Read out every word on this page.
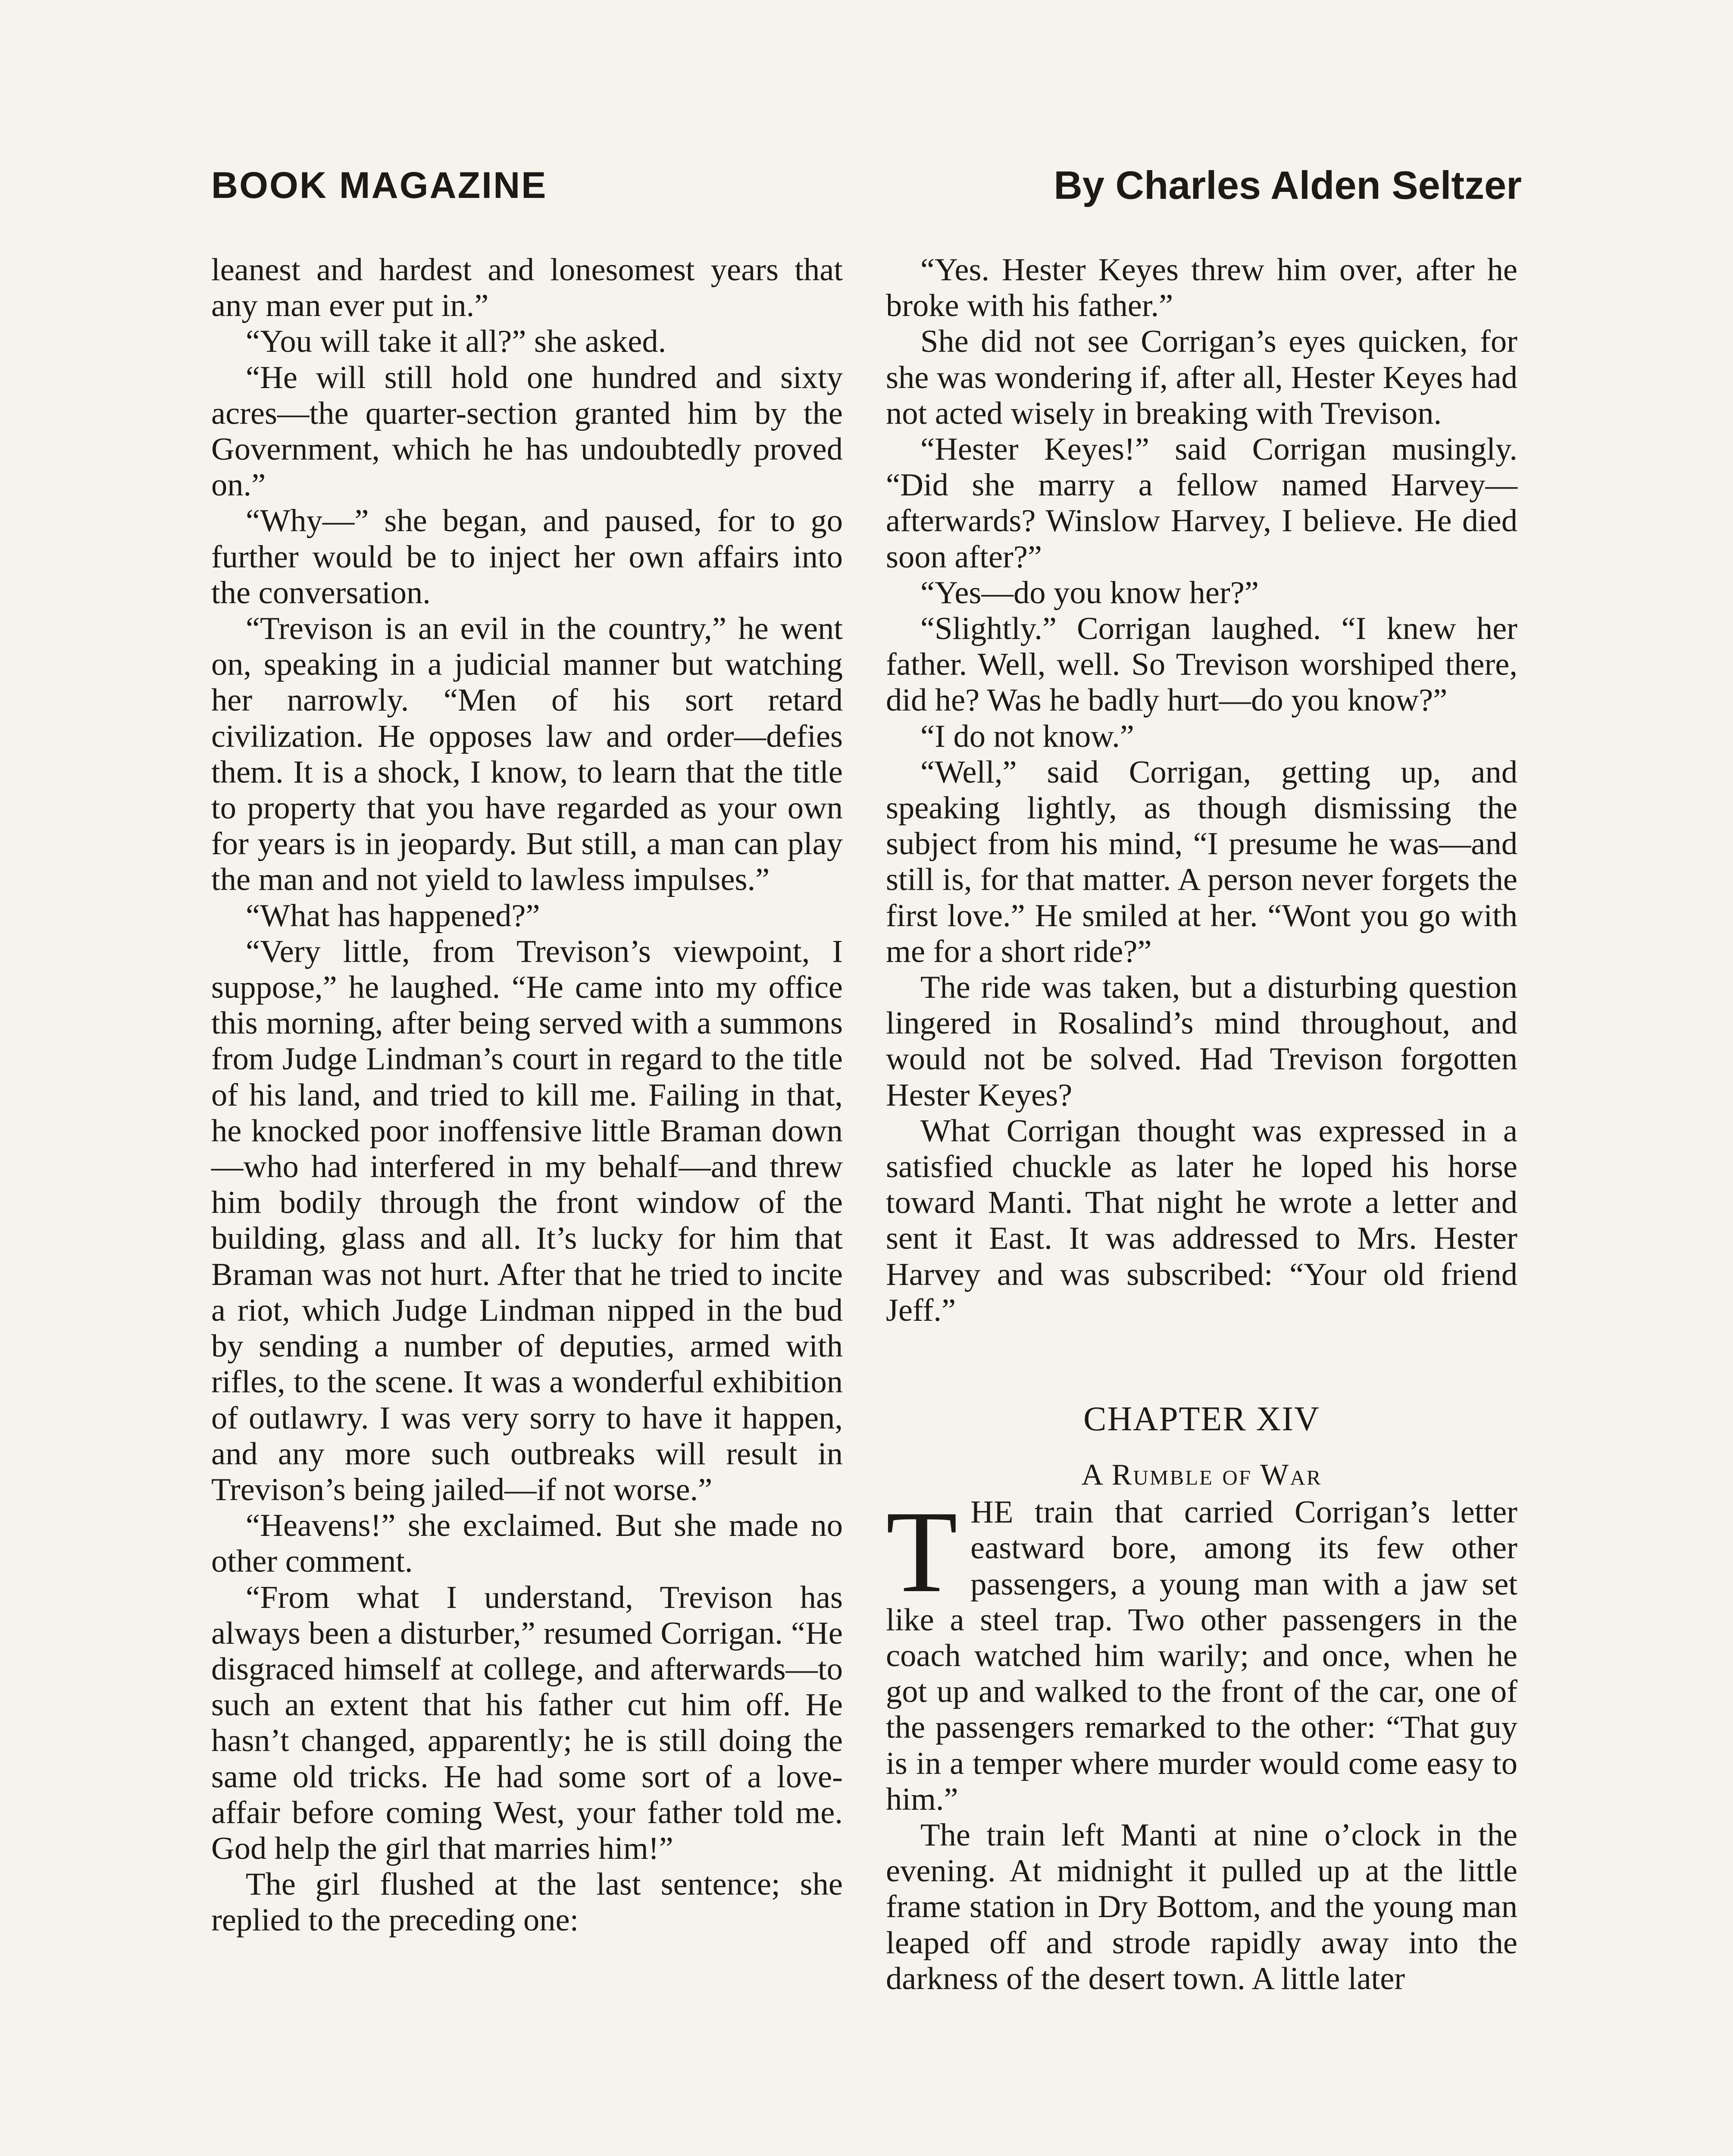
BOOK MAGAZINE	By Charles Alden Seltzer

leanest and hardest and lonesomest years that any man ever put in.”

“You will take it all?” she asked.

“He will still hold one hundred and sixty acres—the quarter-section granted him by the Government, which he has undoubtedly proved on.”

“Why—” she began, and paused, for to go further would be to inject her own affairs into the conversation.

“Trevison is an evil in the country,” he went on, speaking in a judicial manner but watching her narrowly. “Men of his sort retard civilization. He opposes law and order—defies them. It is a shock, I know, to learn that the title to property that you have regarded as your own for years is in jeopardy. But still, a man can play the man and not yield to lawless impulses.”

“What has happened?”

“Very little, from Trevison’s viewpoint, I suppose,” he laughed. “He came into my office this morning, after being served with a summons from Judge Lindman’s court in regard to the title of his land, and tried to kill me. Failing in that, he knocked poor inoffensive little Braman down—who had interfered in my behalf—and threw him bodily through the front window of the building, glass and all. It’s lucky for him that Braman was not hurt. After that he tried to incite a riot, which Judge Lindman nipped in the bud by sending a number of deputies, armed with rifles, to the scene. It was a wonderful exhibition of outlawry. I was very sorry to have it happen, and any more such outbreaks will result in Trevison’s being jailed—if not worse.”

“Heavens!” she exclaimed. But she made no other comment.

“From what I understand, Trevison has always been a disturber,” resumed Corrigan. “He disgraced himself at college, and afterwards—to such an extent that his father cut him off. He hasn’t changed, apparently; he is still doing the same old tricks. He had some sort of a love-affair before coming West, your father told me. God help the girl that marries him!”

The girl flushed at the last sentence; she replied to the preceding one:

“Yes. Hester Keyes threw him over, after he broke with his father.”

She did not see Corrigan’s eyes quicken, for she was wondering if, after all, Hester Keyes had not acted wisely in breaking with Trevison.

“Hester Keyes!” said Corrigan musingly. “Did she marry a fellow named Harvey—afterwards? Winslow Harvey, I believe. He died soon after?”

“Yes—do you know her?”

“Slightly.” Corrigan laughed. “I knew her father. Well, well. So Trevison worshiped there, did he? Was he badly hurt—do you know?”

“I do not know.”

“Well,” said Corrigan, getting up, and speaking lightly, as though dismissing the subject from his mind, “I presume he was—and still is, for that matter. A person never forgets the first love.” He smiled at her. “Wont you go with me for a short ride?”

The ride was taken, but a disturbing question lingered in Rosalind’s mind throughout, and would not be solved. Had Trevison forgotten Hester Keyes?

What Corrigan thought was expressed in a satisfied chuckle as later he loped his horse toward Manti. That night he wrote a letter and sent it East. It was addressed to Mrs. Hester Harvey and was subscribed: “Your old friend Jeff.”

CHAPTER XIV
A Rumble of War

THE train that carried Corrigan’s letter eastward bore, among its few other passengers, a young man with a jaw set like a steel trap. Two other passengers in the coach watched him warily; and once, when he got up and walked to the front of the car, one of the passengers remarked to the other: “That guy is in a temper where murder would come easy to him.”

The train left Manti at nine o’clock in the evening. At midnight it pulled up at the little frame station in Dry Bottom, and the young man leaped off and strode rapidly away into the darkness of the desert town. A little later
